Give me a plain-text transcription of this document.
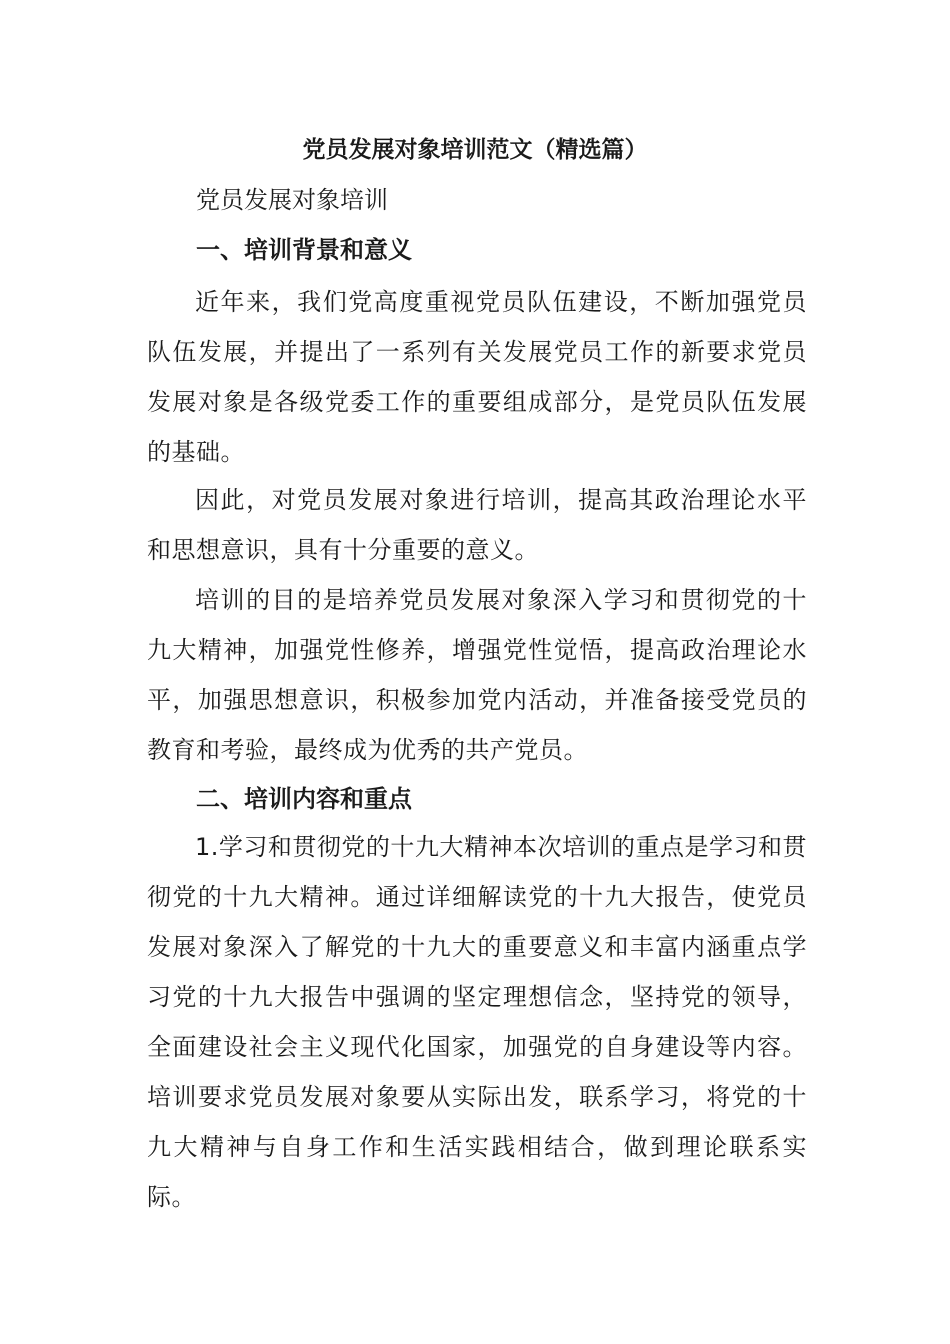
党员发展对象培训范文（精选篇）
党员发展对象培训
一、培训背景和意义

近年来，我们党高度重视党员队伍建设，不断加强党员队伍发展，并提出了一系列有关发展党员工作的新要求党员发展对象是各级党委工作的重要组成部分，是党员队伍发展的基础。

因此，对党员发展对象进行培训，提高其政治理论水平和思想意识，具有十分重要的意义。

培训的目的是培养党员发展对象深入学习和贯彻党的十九大精神，加强党性修养，增强党性觉悟，提高政治理论水平，加强思想意识，积极参加党内活动，并准备接受党员的教育和考验，最终成为优秀的共产党员。

二、培训内容和重点

1.学习和贯彻党的十九大精神本次培训的重点是学习和贯彻党的十九大精神。通过详细解读党的十九大报告，使党员发展对象深入了解党的十九大的重要意义和丰富内涵重点学习党的十九大报告中强调的坚定理想信念，坚持党的领导，全面建设社会主义现代化国家，加强党的自身建设等内容。培训要求党员发展对象要从实际出发，联系学习，将党的十九大精神与自身工作和生活实践相结合，做到理论联系实际。
